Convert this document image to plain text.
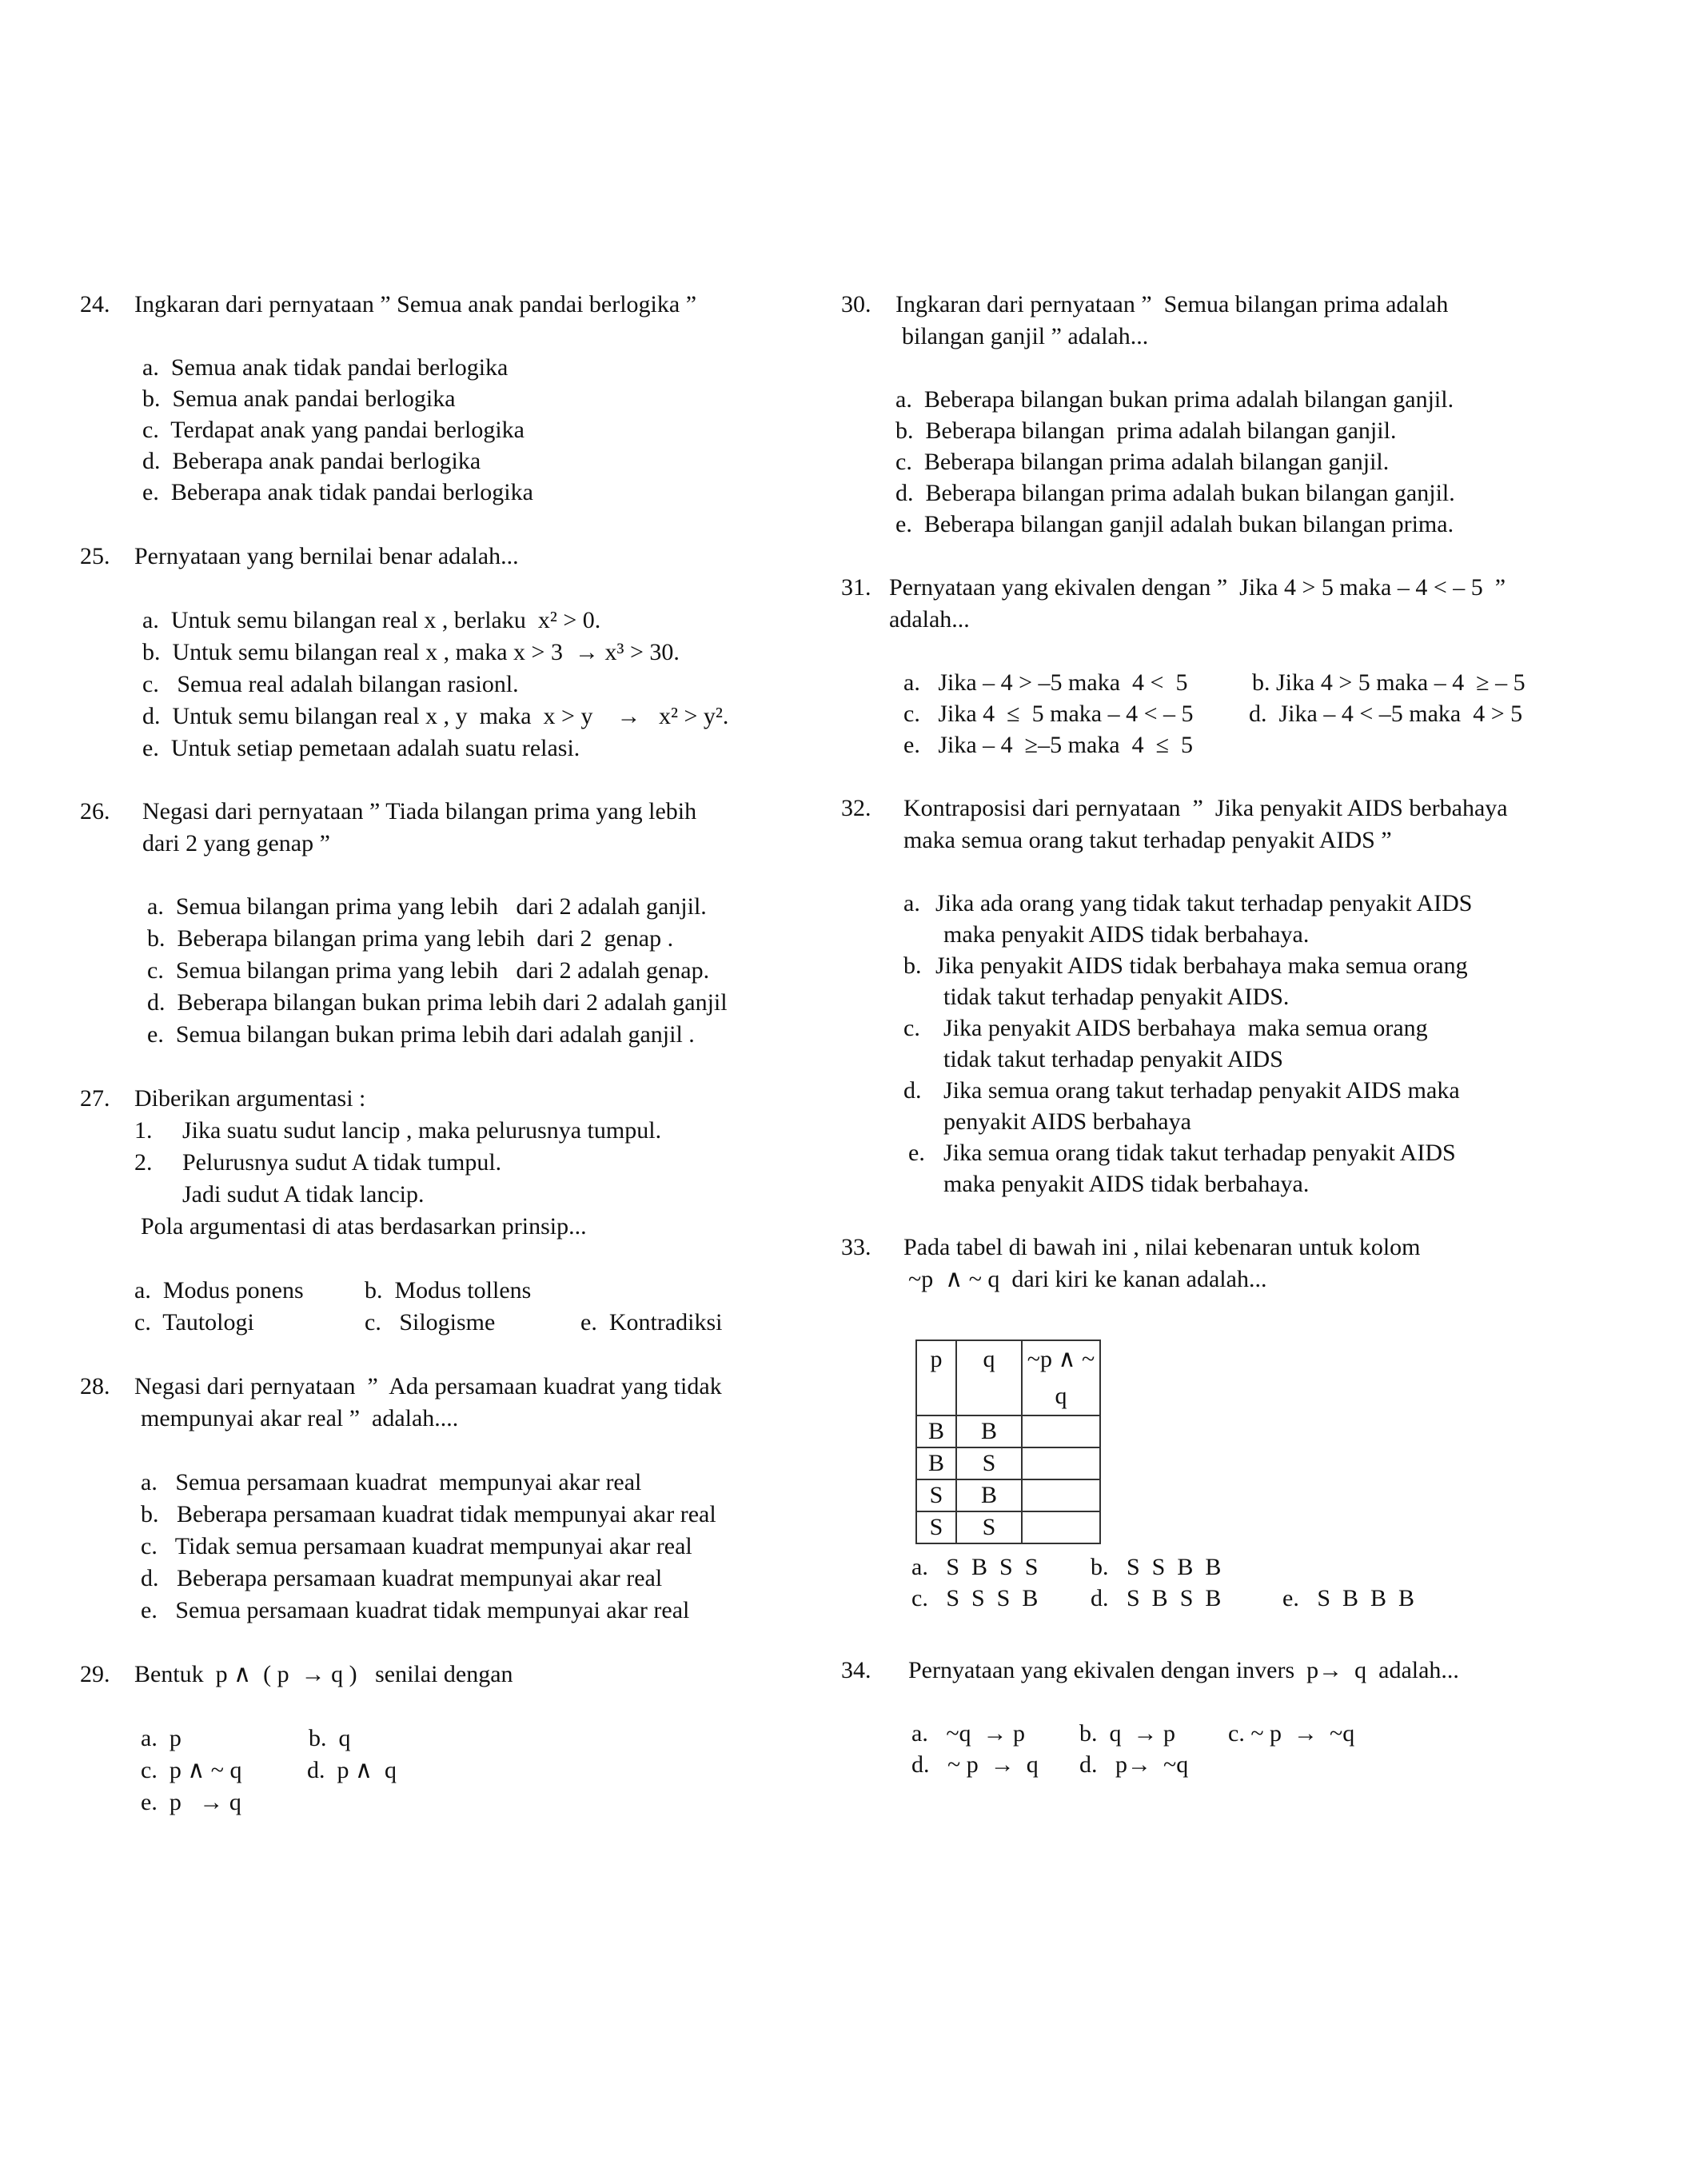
24. Ingkaran dari pernyataan ” Semua anak pandai berlogika ”
a.  Semua anak tidak pandai berlogika
b.  Semua anak pandai berlogika
c.  Terdapat anak yang pandai berlogika
d.  Beberapa anak pandai berlogika
e.  Beberapa anak tidak pandai berlogika
25. Pernyataan yang bernilai benar adalah...
a.  Untuk semu bilangan real x , berlaku  x² > 0.
b.  Untuk semu bilangan real x , maka x > 3  → x³ > 30.
c.   Semua real adalah bilangan rasionl.
d.  Untuk semu bilangan real x , y  maka  x > y    →   x² > y².
e.  Untuk setiap pemetaan adalah suatu relasi.
26. Negasi dari pernyataan ” Tiada bilangan prima yang lebih
dari 2 yang genap ”
a.  Semua bilangan prima yang lebih   dari 2 adalah ganjil.
b.  Beberapa bilangan prima yang lebih  dari 2  genap .
c.  Semua bilangan prima yang lebih   dari 2 adalah genap.
d.  Beberapa bilangan bukan prima lebih dari 2 adalah ganjil
e.  Semua bilangan bukan prima lebih dari adalah ganjil .
27. Diberikan argumentasi :
1. Jika suatu sudut lancip , maka pelurusnya tumpul.
2. Pelurusnya sudut A tidak tumpul.
Jadi sudut A tidak lancip.
Pola argumentasi di atas berdasarkan prinsip...
a.  Modus ponens	b.  Modus tollens
c.  Tautologi	c.   Silogisme	e.  Kontradiksi
28. Negasi dari pernyataan  ”  Ada persamaan kuadrat yang tidak
mempunyai akar real ”  adalah....
a.   Semua persamaan kuadrat  mempunyai akar real
b.   Beberapa persamaan kuadrat tidak mempunyai akar real
c.   Tidak semua persamaan kuadrat mempunyai akar real
d.   Beberapa persamaan kuadrat mempunyai akar real
e.   Semua persamaan kuadrat tidak mempunyai akar real
29. Bentuk  p ∧  ( p  → q )   senilai dengan
a.  p	b.  q
c.  p ∧ ~ q	d.  p ∧  q
e.  p   → q
30. Ingkaran dari pernyataan ”  Semua bilangan prima adalah
bilangan ganjil ” adalah...
a.  Beberapa bilangan bukan prima adalah bilangan ganjil.
b.  Beberapa bilangan  prima adalah bilangan ganjil.
c.  Beberapa bilangan prima adalah bilangan ganjil.
d.  Beberapa bilangan prima adalah bukan bilangan ganjil.
e.  Beberapa bilangan ganjil adalah bukan bilangan prima.
31. Pernyataan yang ekivalen dengan ”  Jika 4 > 5 maka – 4 < – 5  ”
adalah...
a.   Jika – 4 > –5 maka  4 <  5	b. Jika 4 > 5 maka – 4  ≥ – 5
c.   Jika 4  ≤  5 maka – 4 < – 5 d.  Jika – 4 < –5 maka  4 > 5
e.   Jika – 4  ≥–5 maka  4  ≤  5
32. Kontraposisi dari pernyataan  ”  Jika penyakit AIDS berbahaya
maka semua orang takut terhadap penyakit AIDS ”
a. Jika ada orang yang tidak takut terhadap penyakit AIDS
maka penyakit AIDS tidak berbahaya.
b. Jika penyakit AIDS tidak berbahaya maka semua orang
tidak takut terhadap penyakit AIDS.
c. Jika penyakit AIDS berbahaya  maka semua orang
tidak takut terhadap penyakit AIDS
d. Jika semua orang takut terhadap penyakit AIDS maka
penyakit AIDS berbahaya
e. Jika semua orang tidak takut terhadap penyakit AIDS
maka penyakit AIDS tidak berbahaya.
33. Pada tabel di bawah ini , nilai kebenaran untuk kolom
~p  ∧ ~ q  dari kiri ke kanan adalah...
p	q	~p ∧ ~ q
B	B	
B	S	
S	B	
S	S	
a.   S  B  S  S b.   S  S  B  B
c.   S  S  S  B d.   S  B  S  B	e.   S  B  B  B
34. Pernyataan yang ekivalen dengan invers  p→  q  adalah...
a.   ~q  → p b.  q  → p c. ~ p  →  ~q
d.   ~ p  →  q d.   p→  ~q
